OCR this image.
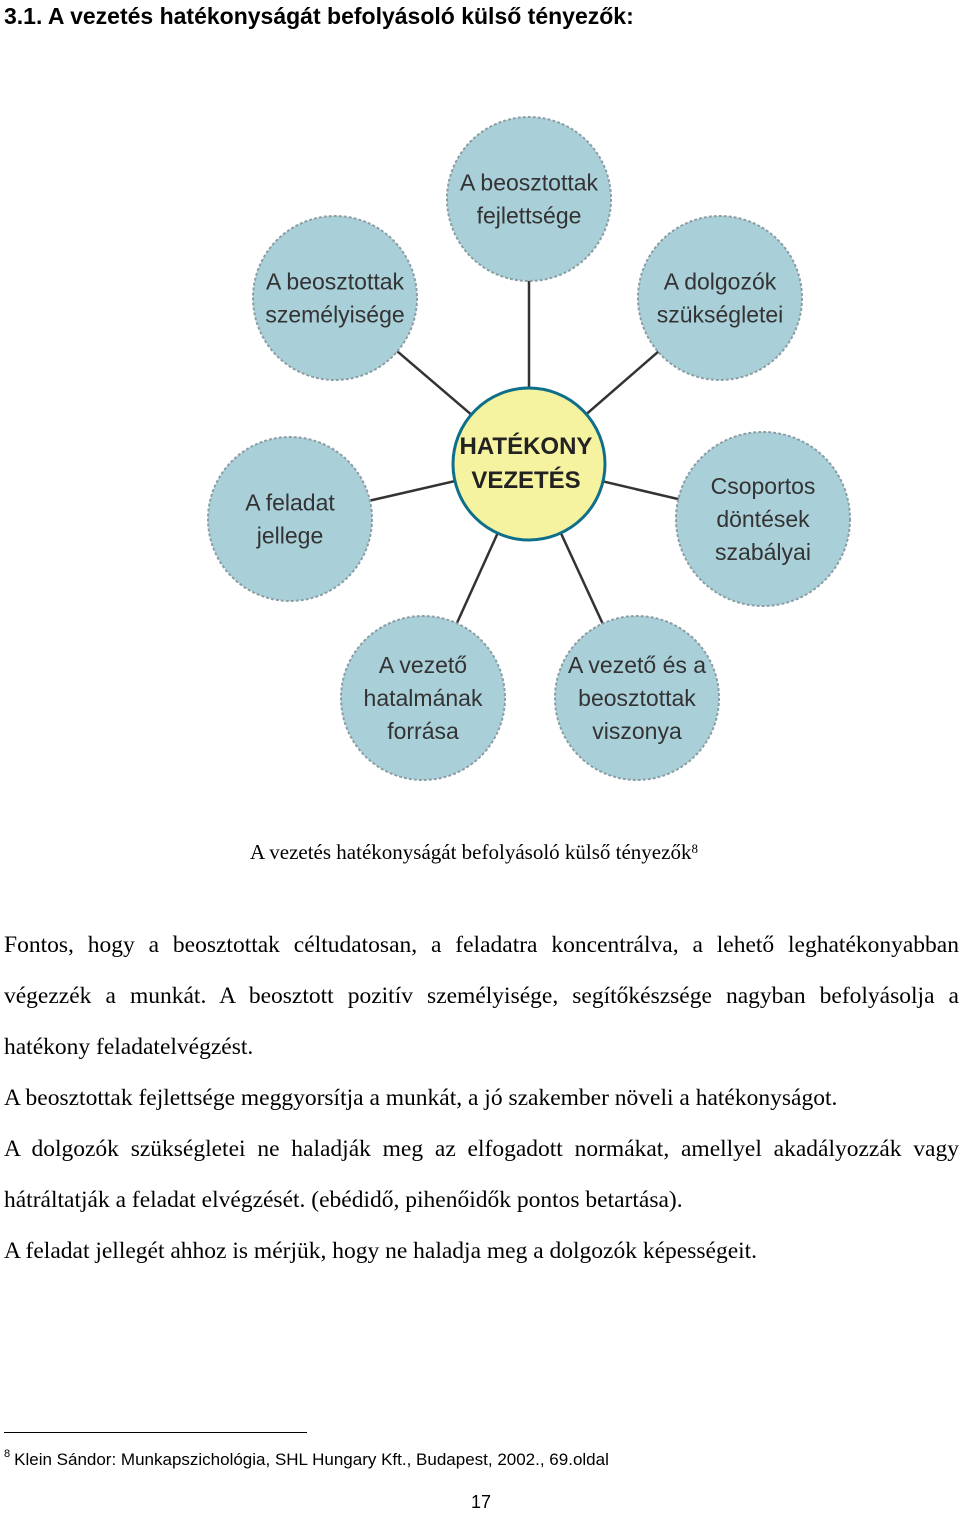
3.1. A vezetés hatékonyságát befolyásoló külső tényezők:
A beosztottak
fejlettsége
A dolgozók
szükségletei
Csoportos
döntések
szabályai
A vezető és a
beosztottak
viszonya
A vezető
hatalmának
forrása
A feladat
jellege
A beosztottak
személyisége
HATÉKONY
VEZETÉS
A vezetés hatékonyságát befolyásoló külső tényezők$^8$

Fontos, hogy a beosztottak céltudatosan, a feladatra koncentrálva, a lehető leghatékonyabban végezzék a munkát. A beosztott pozitív személyisége, segítőkészsége nagyban befolyásolja a hatékony feladatelvégzést.

A beosztottak fejlettsége meggyorsítja a munkát, a jó szakember növeli a hatékonyságot.

A dolgozók szükségletei ne haladják meg az elfogadott normákat, amellyel akadályozzák vagy hátráltatják a feladat elvégzését. (ebédidő, pihenőidők pontos betartása).

A feladat jellegét ahhoz is mérjük, hogy ne haladja meg a dolgozók képességeit.

$^8$ Klein Sándor: Munkapszichológia, SHL Hungary Kft., Budapest, 2002., 69.oldal

17
